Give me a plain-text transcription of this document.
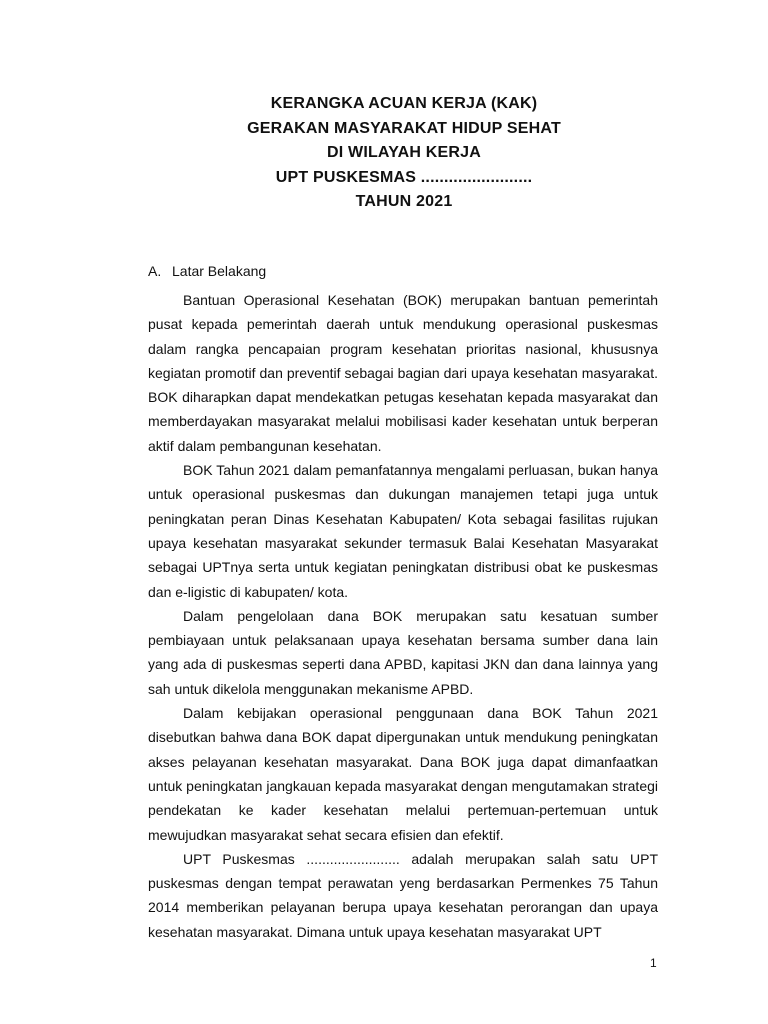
KERANGKA ACUAN KERJA (KAK)
GERAKAN MASYARAKAT HIDUP SEHAT
DI WILAYAH KERJA
UPT PUSKESMAS ........................
TAHUN 2021
A. Latar Belakang

Bantuan Operasional Kesehatan (BOK) merupakan bantuan pemerintah pusat kepada pemerintah daerah untuk mendukung operasional puskesmas dalam rangka pencapaian program kesehatan prioritas nasional, khususnya kegiatan promotif dan preventif sebagai bagian dari upaya kesehatan masyarakat. BOK diharapkan dapat mendekatkan petugas kesehatan kepada masyarakat dan memberdayakan masyarakat melalui mobilisasi kader kesehatan untuk berperan aktif dalam pembangunan kesehatan.

BOK Tahun 2021 dalam pemanfatannya mengalami perluasan, bukan hanya untuk operasional puskesmas dan dukungan manajemen tetapi juga untuk peningkatan peran Dinas Kesehatan Kabupaten/ Kota sebagai fasilitas rujukan upaya kesehatan masyarakat sekunder termasuk Balai Kesehatan Masyarakat sebagai UPTnya serta untuk kegiatan peningkatan distribusi obat ke puskesmas dan e-ligistic di kabupaten/ kota.

Dalam pengelolaan dana BOK merupakan satu kesatuan sumber pembiayaan untuk pelaksanaan upaya kesehatan bersama sumber dana lain yang ada di puskesmas seperti dana APBD, kapitasi JKN dan dana lainnya yang sah untuk dikelola menggunakan mekanisme APBD.

Dalam kebijakan operasional penggunaan dana BOK Tahun 2021 disebutkan bahwa dana BOK dapat dipergunakan untuk mendukung peningkatan akses pelayanan kesehatan masyarakat. Dana BOK juga dapat dimanfaatkan untuk peningkatan jangkauan kepada masyarakat dengan mengutamakan strategi pendekatan ke kader kesehatan melalui pertemuan-pertemuan untuk mewujudkan masyarakat sehat secara efisien dan efektif.

UPT Puskesmas ........................ adalah merupakan salah satu UPT puskesmas dengan tempat perawatan yeng berdasarkan Permenkes 75 Tahun 2014 memberikan pelayanan berupa upaya kesehatan perorangan dan upaya kesehatan masyarakat. Dimana untuk upaya kesehatan masyarakat UPT

1
